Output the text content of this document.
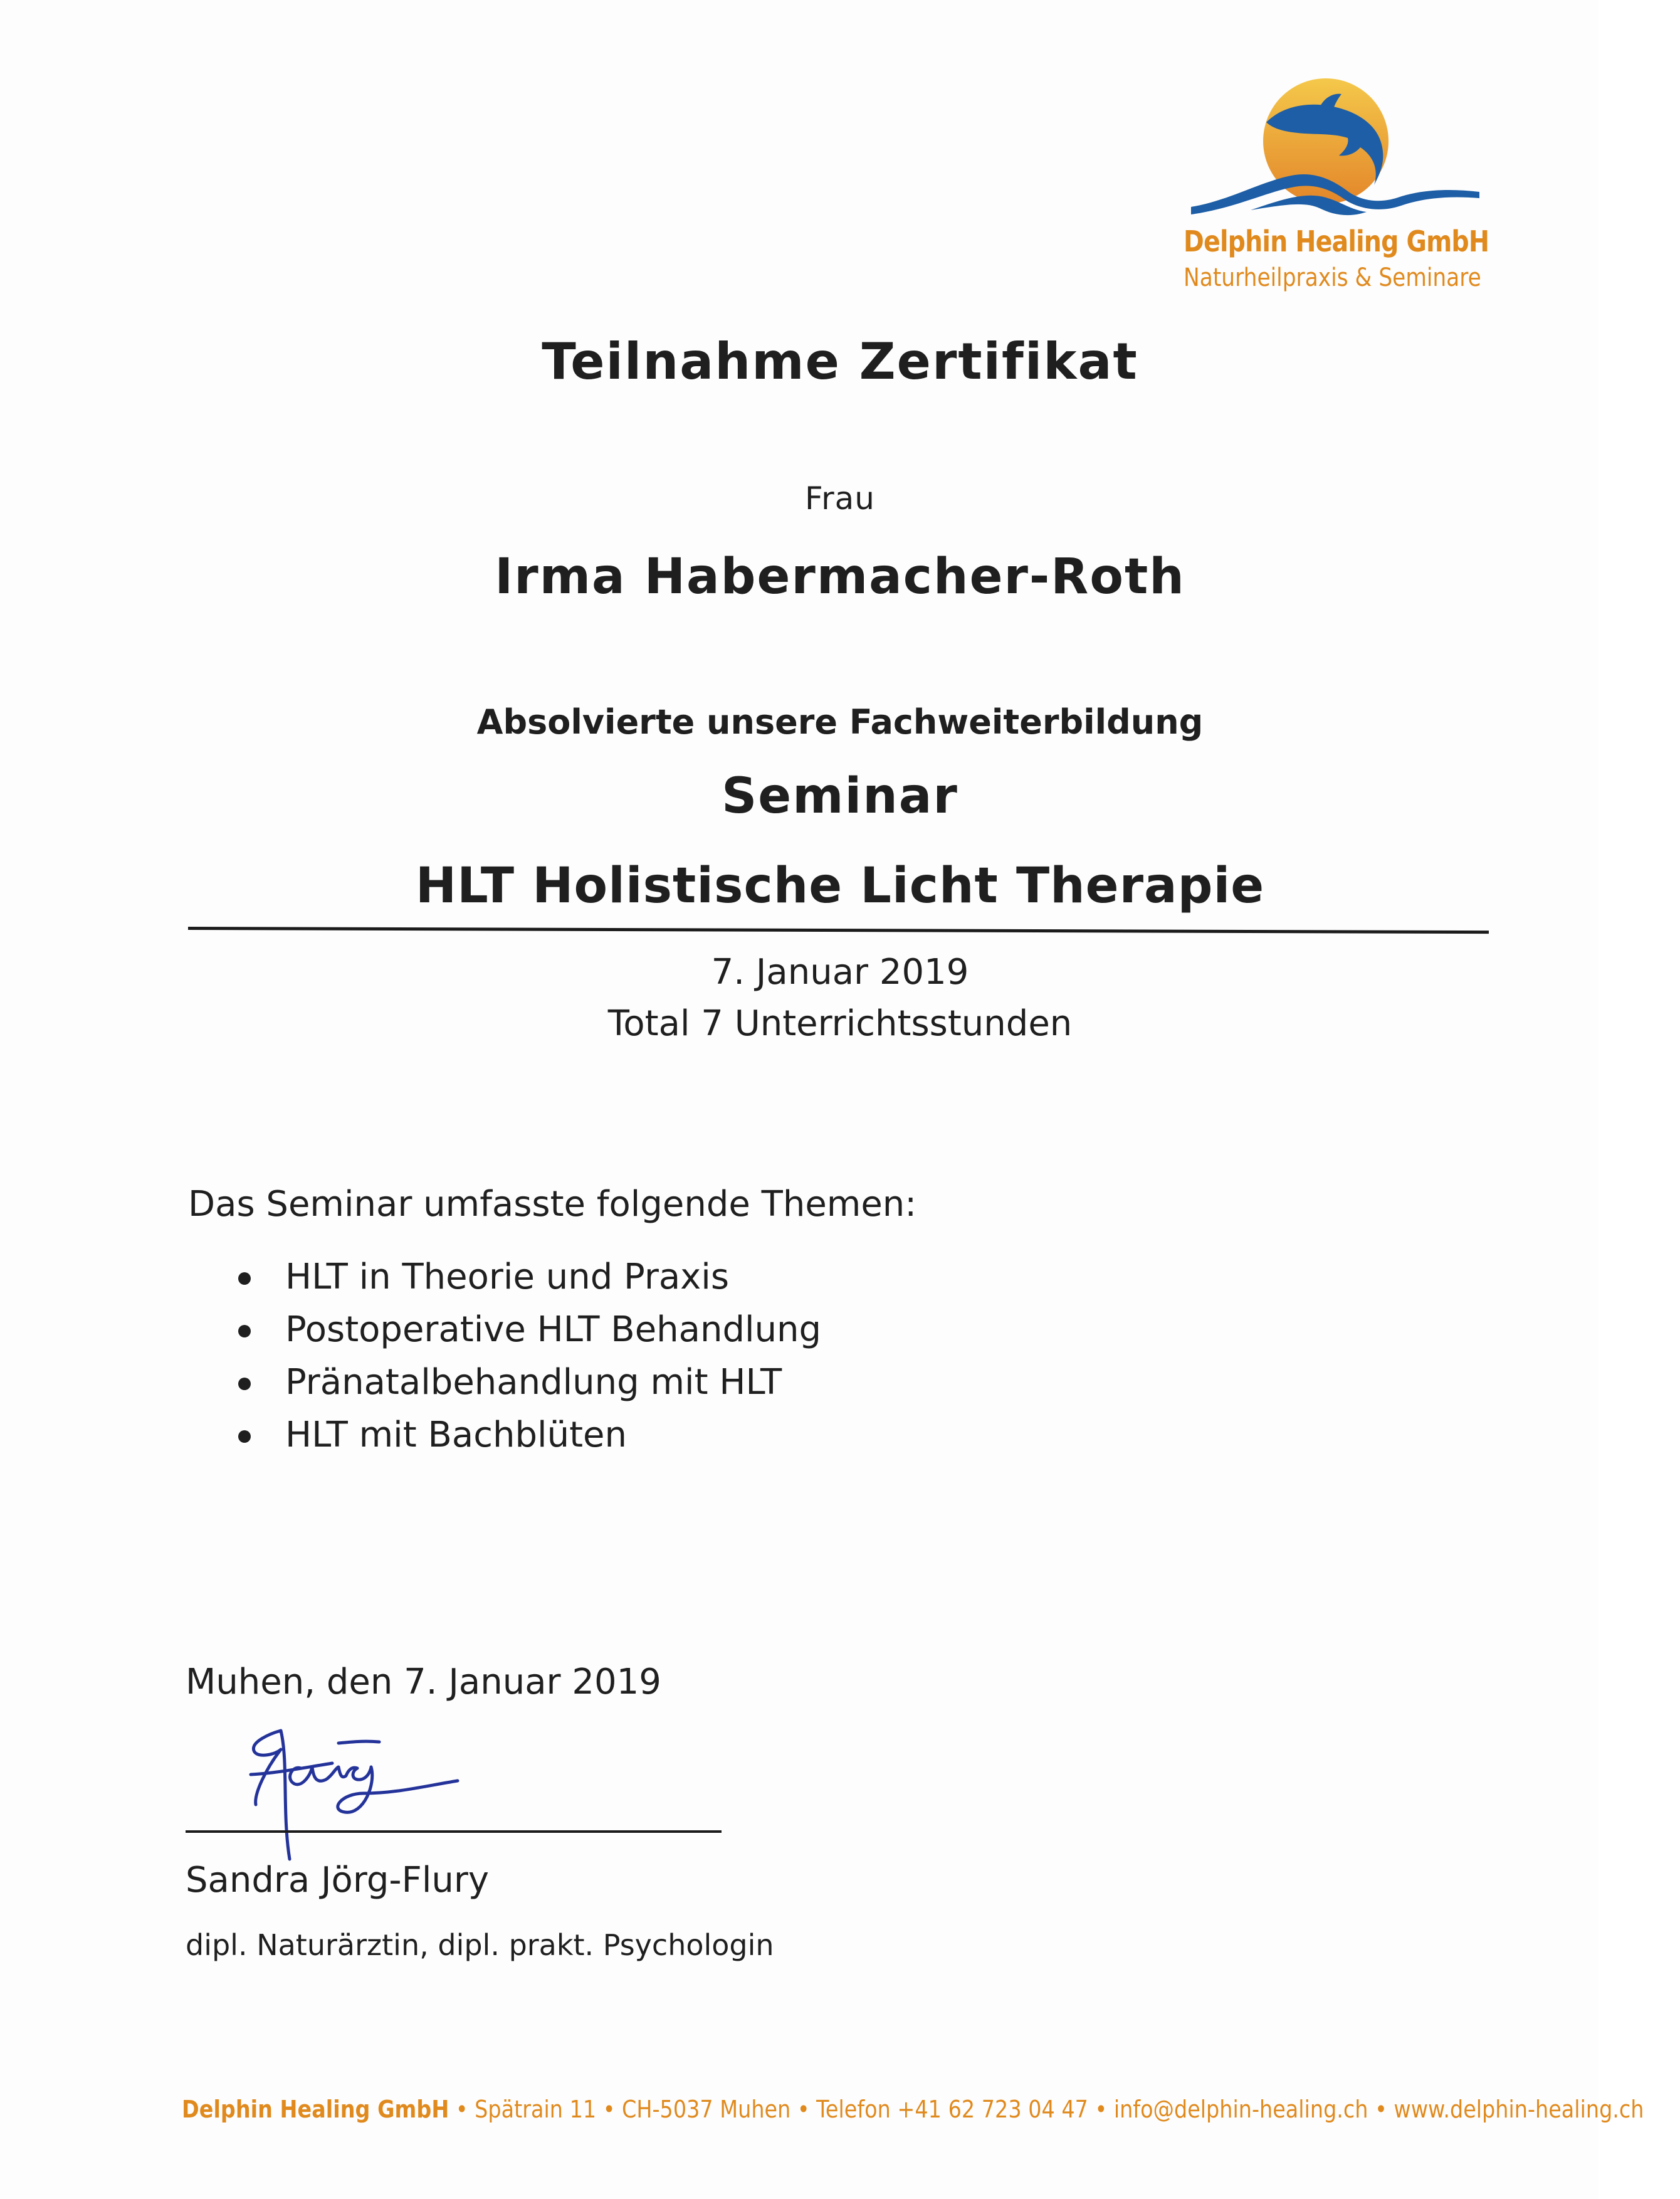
Delphin Healing GmbH
Naturheilpraxis & Seminare
Teilnahme Zertifikat
Frau
Irma Habermacher-Roth
Absolvierte unsere Fachweiterbildung
Seminar
HLT Holistische Licht Therapie
7. Januar 2019
Total 7 Unterrichtsstunden
Das Seminar umfasste folgende Themen:
HLT in Theorie und Praxis
Postoperative HLT Behandlung
Pränatalbehandlung mit HLT
HLT mit Bachblüten
Muhen, den 7. Januar 2019
Sandra Jörg-Flury
dipl. Naturärztin, dipl. prakt. Psychologin
Delphin Healing GmbH • Spätrain 11 • CH-5037 Muhen • Telefon +41 62 723 04 47 • info@delphin-healing.ch • www.delphin-healing.ch
